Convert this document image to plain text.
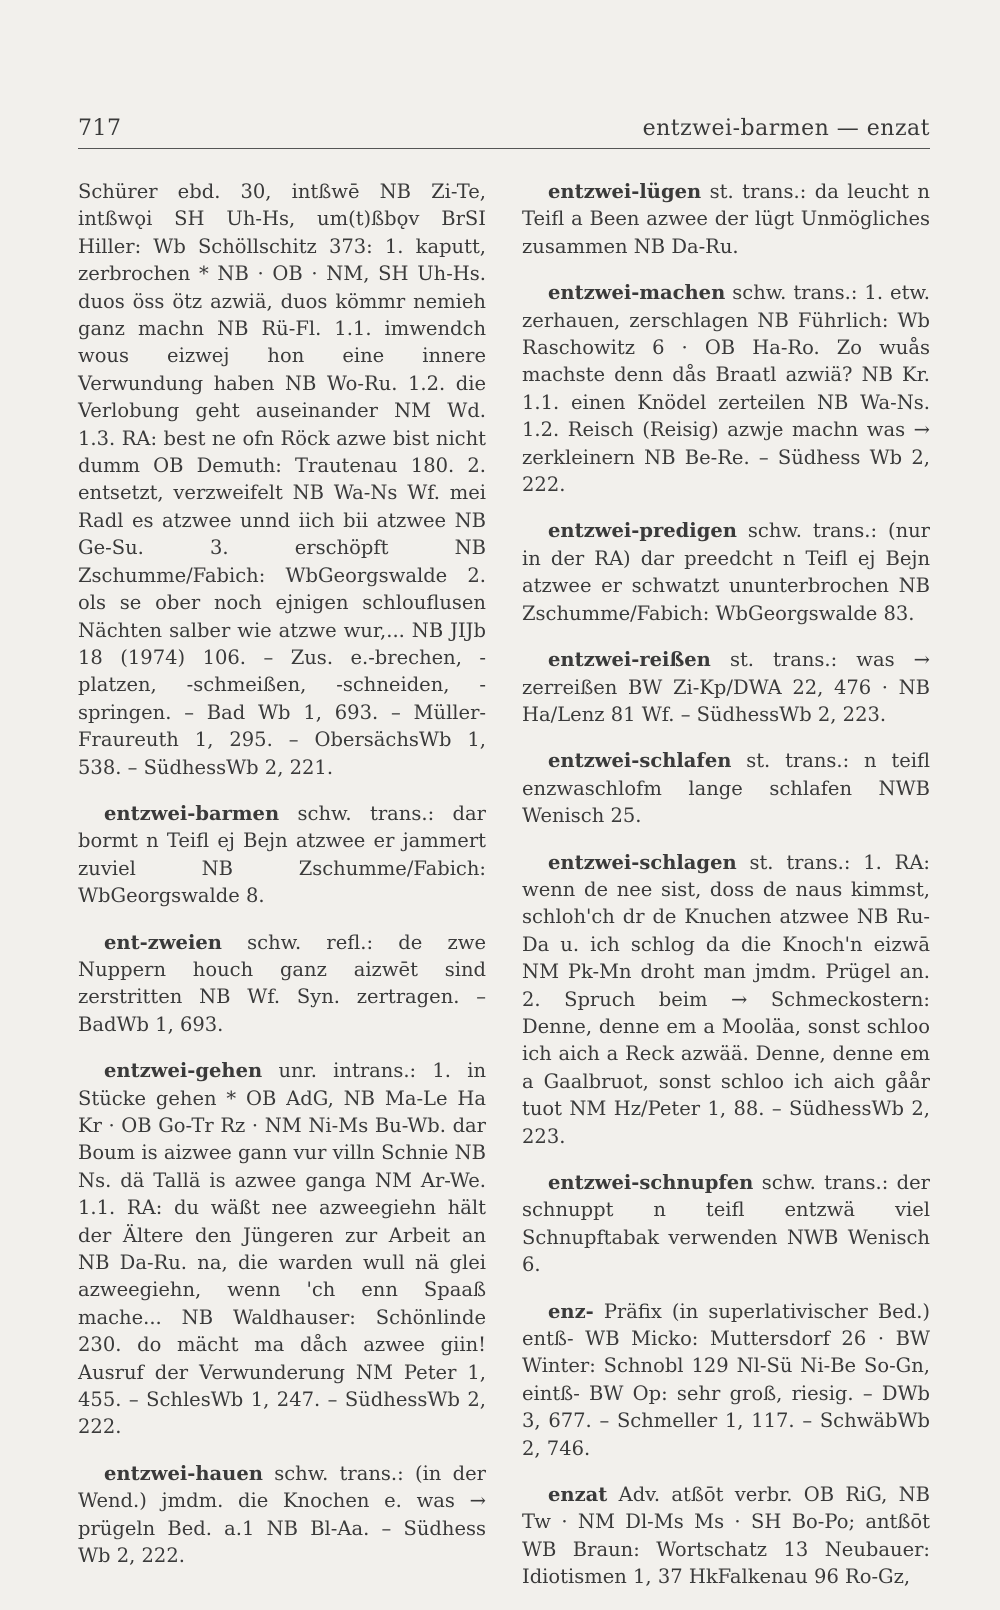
717	entzwei-barmen — enzat
Schürer ebd. 30, intßwē NB Zi-Te, intßwǫi SH Uh-Hs, um(t)ßbǫv BrSI Hiller: Wb Schöllschitz 373: 1. kaputt, zerbrochen * NB · OB · NM, SH Uh-Hs. duos öss ötz azwiä, duos kömmr nemieh ganz machn NB Rü-Fl. 1.1. imwendch wous eizwej hon eine innere Verwundung haben NB Wo-Ru. 1.2. die Verlobung geht auseinander NM Wd. 1.3. RA: best ne ofn Röck azwe bist nicht dumm OB Demuth: Trautenau 180. 2. entsetzt, verzweifelt NB Wa-Ns Wf. mei Radl es atzwee unnd iich bii atzwee NB Ge-Su. 3. erschöpft NB Zschumme/Fabich: WbGeorgswalde 2. ols se ober noch ejnigen schlouflusen Nächten salber wie atzwe wur,... NB JIJb 18 (1974) 106. – Zus. e.-brechen, -platzen, -schmeißen, -schneiden, -springen. – Bad Wb 1, 693. – Müller-Fraureuth 1, 295. – ObersächsWb 1, 538. – SüdhessWb 2, 221.
entzwei-barmen schw. trans.: dar bormt n Teifl ej Bejn atzwee er jammert zuviel NB Zschumme/Fabich: WbGeorgswalde 8.
ent-zweien schw. refl.: de zwe Nuppern houch ganz aizwēt sind zerstritten NB Wf. Syn. zertragen. – BadWb 1, 693.
entzwei-gehen unr. intrans.: 1. in Stücke gehen * OB AdG, NB Ma-Le Ha Kr · OB Go-Tr Rz · NM Ni-Ms Bu-Wb. dar Boum is aizwee gann vur villn Schnie NB Ns. dä Tallä is azwee ganga NM Ar-We. 1.1. RA: du wäßt nee azweegiehn hält der Ältere den Jüngeren zur Arbeit an NB Da-Ru. na, die warden wull nä glei azweegiehn, wenn 'ch enn Spaaß mache... NB Waldhauser: Schönlinde 230. do mächt ma dåch azwee giin! Ausruf der Verwunderung NM Peter 1, 455. – SchlesWb 1, 247. – SüdhessWb 2, 222.
entzwei-hauen schw. trans.: (in der Wend.) jmdm. die Knochen e. was → prügeln Bed. a.1 NB Bl-Aa. – Südhess Wb 2, 222.
entzwei-lügen st. trans.: da leucht n Teifl a Been azwee der lügt Unmögliches zusammen NB Da-Ru.
entzwei-machen schw. trans.: 1. etw. zerhauen, zerschlagen NB Führlich: Wb Raschowitz 6 · OB Ha-Ro. Zo wuås machste denn dås Braatl azwiä? NB Kr. 1.1. einen Knödel zerteilen NB Wa-Ns. 1.2. Reisch (Reisig) azwje machn was → zerkleinern NB Be-Re. – Südhess Wb 2, 222.
entzwei-predigen schw. trans.: (nur in der RA) dar preedcht n Teifl ej Bejn atzwee er schwatzt ununterbrochen NB Zschumme/Fabich: WbGeorgswalde 83.
entzwei-reißen st. trans.: was → zerreißen BW Zi-Kp/DWA 22, 476 · NB Ha/Lenz 81 Wf. – SüdhessWb 2, 223.
entzwei-schlafen st. trans.: n teifl enzwaschlofm lange schlafen NWB Wenisch 25.
entzwei-schlagen st. trans.: 1. RA: wenn de nee sist, doss de naus kimmst, schloh'ch dr de Knuchen atzwee NB Ru-Da u. ich schlog da die Knoch'n eizwā NM Pk-Mn droht man jmdm. Prügel an. 2. Spruch beim → Schmeckostern: Denne, denne em a Mooläa, sonst schloo ich aich a Reck azwää. Denne, denne em a Gaalbruot, sonst schloo ich aich gåår tuot NM Hz/Peter 1, 88. – SüdhessWb 2, 223.
entzwei-schnupfen schw. trans.: der schnuppt n teifl entzwä viel Schnupftabak verwenden NWB Wenisch 6.
enz- Präfix (in superlativischer Bed.) entß- WB Micko: Muttersdorf 26 · BW Winter: Schnobl 129 Nl-Sü Ni-Be So-Gn, eintß- BW Op: sehr groß, riesig. – DWb 3, 677. – Schmeller 1, 117. – SchwäbWb 2, 746.
enzat Adv. atßōt verbr. OB RiG, NB Tw · NM Dl-Ms Ms · SH Bo-Po; antßōt WB Braun: Wortschatz 13 Neubauer: Idiotismen 1, 37 HkFalkenau 96 Ro-Gz,
